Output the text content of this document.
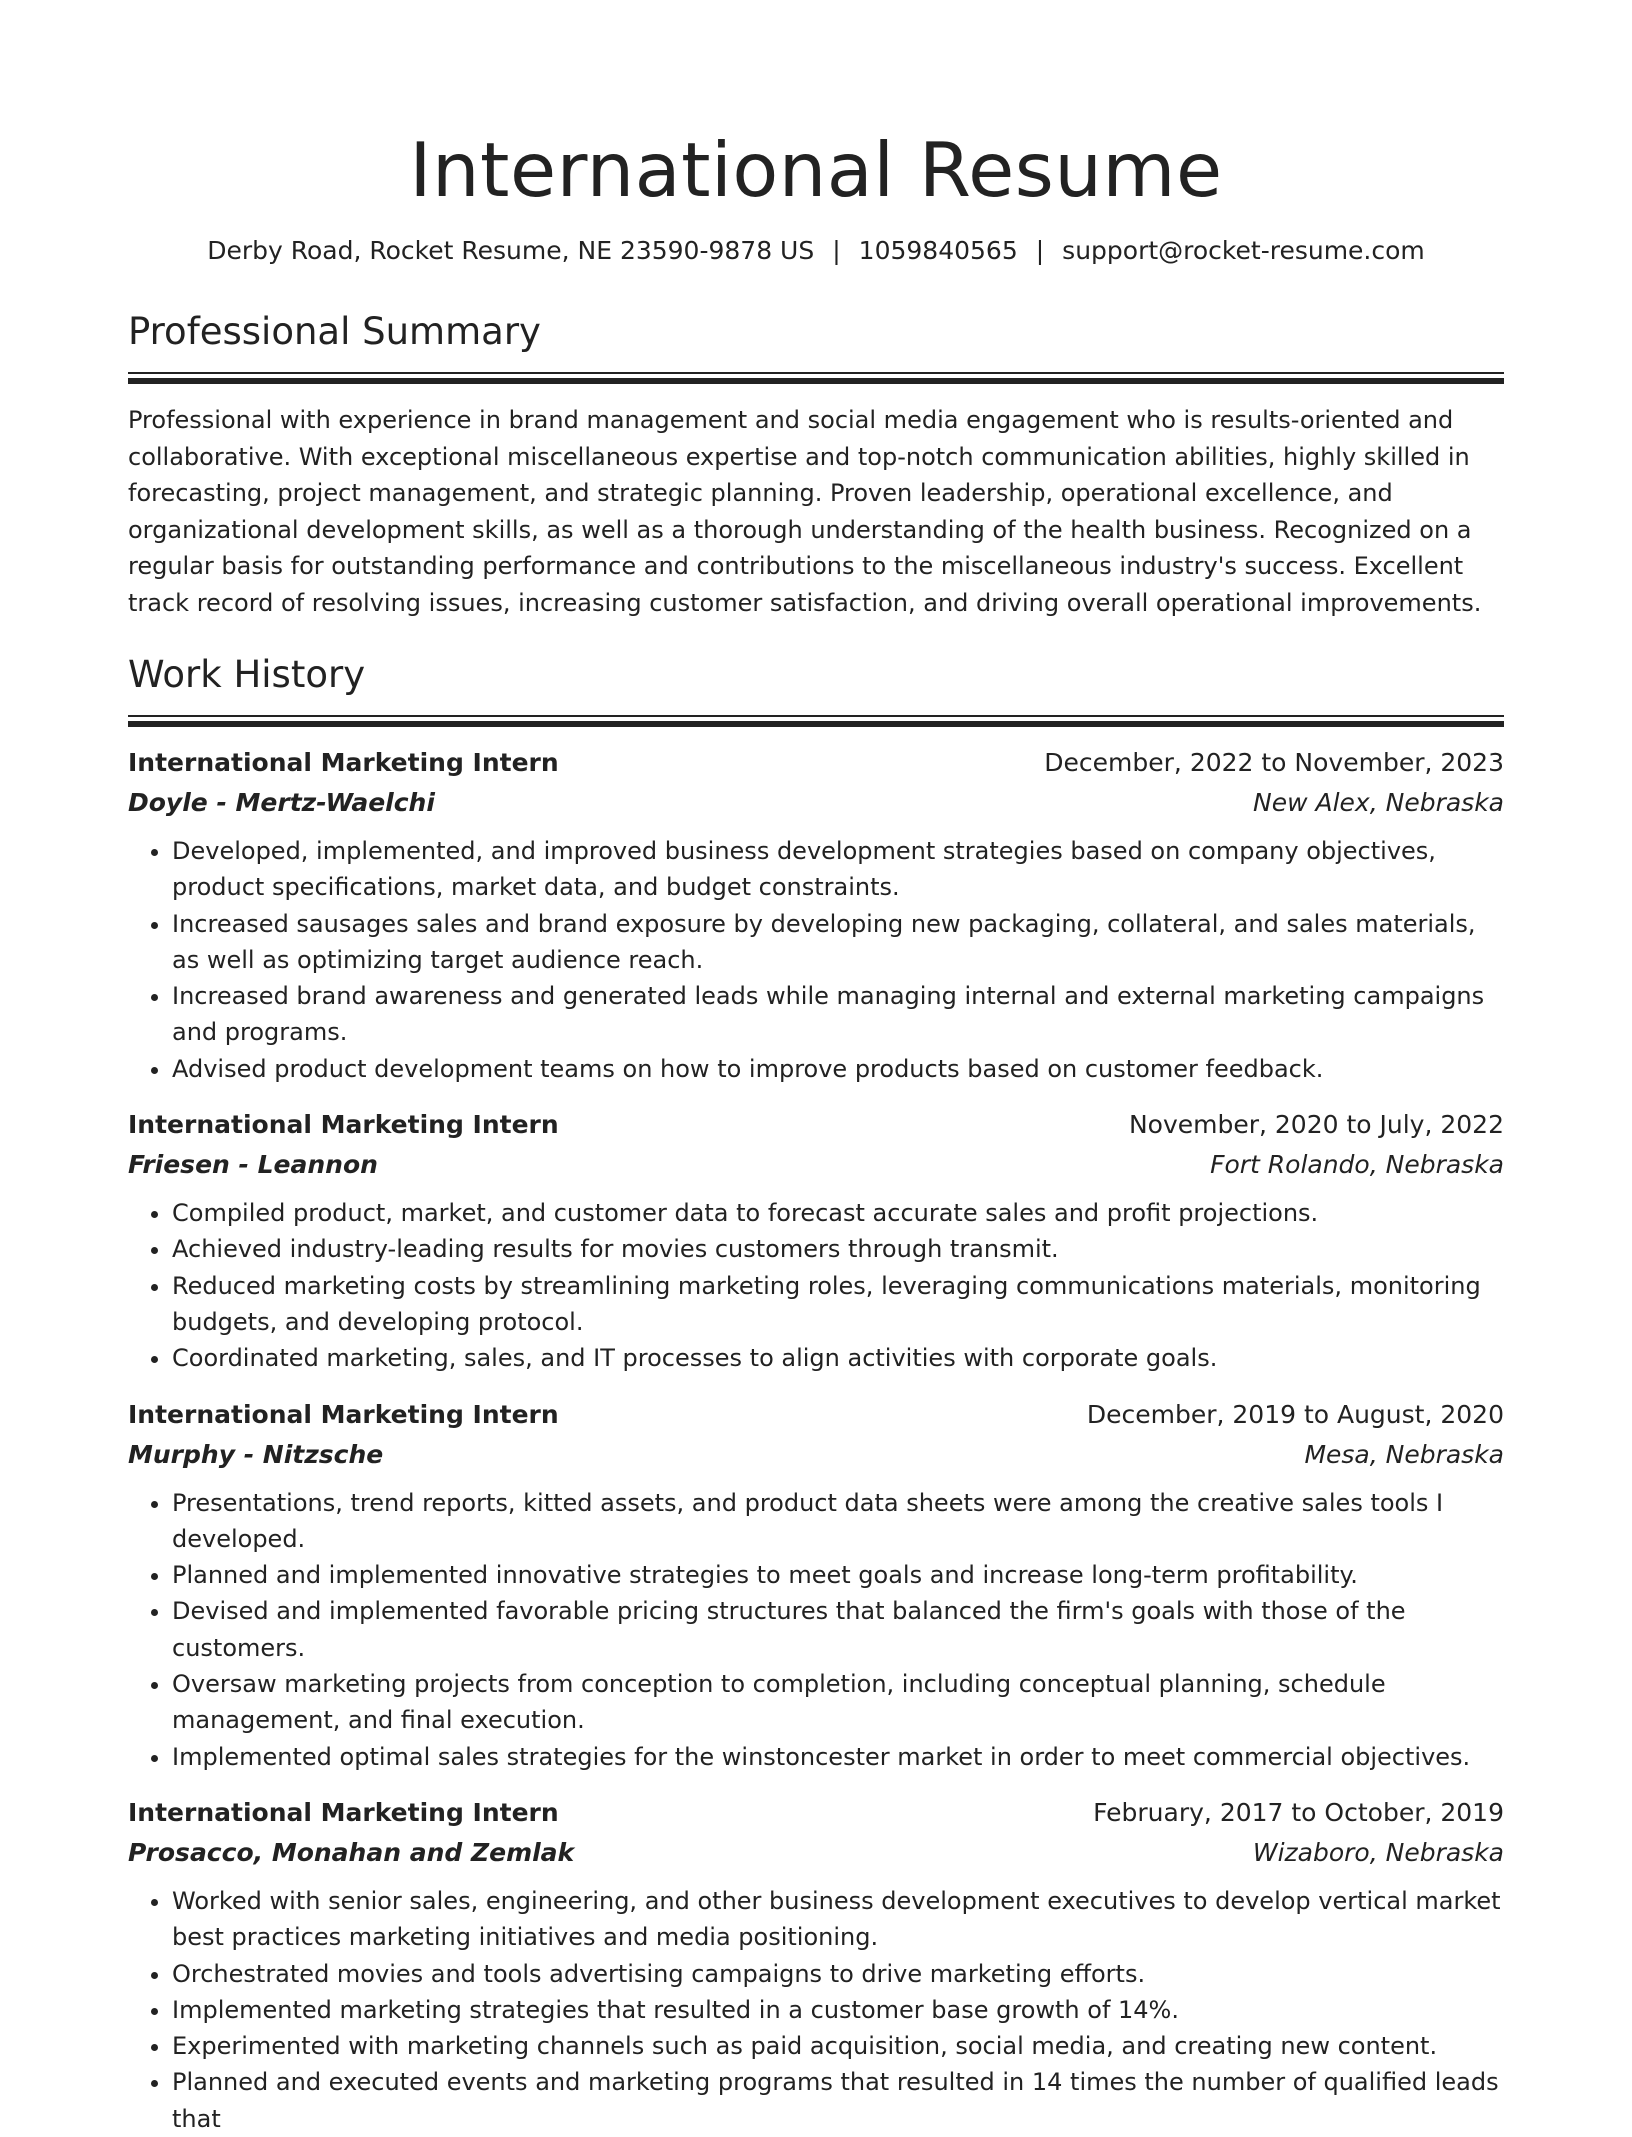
International Resume
Derby Road, Rocket Resume, NE 23590-9878 US | 1059840565 | support@rocket-resume.com
Professional Summary

Professional with experience in brand management and social media engagement who is results-oriented and collaborative. With exceptional miscellaneous expertise and top-notch communication abilities, highly skilled in forecasting, project management, and strategic planning. Proven leadership, operational excellence, and organizational development skills, as well as a thorough understanding of the health business. Recognized on a regular basis for outstanding performance and contributions to the miscellaneous industry's success. Excellent track record of resolving issues, increasing customer satisfaction, and driving overall operational improvements.

Work History
International Marketing Intern	December, 2022 to November, 2023
Doyle - Mertz-Waelchi	New Alex, Nebraska
• Developed, implemented, and improved business development strategies based on company objectives, product specifications, market data, and budget constraints.
• Increased sausages sales and brand exposure by developing new packaging, collateral, and sales materials, as well as optimizing target audience reach.
• Increased brand awareness and generated leads while managing internal and external marketing campaigns and programs.
• Advised product development teams on how to improve products based on customer feedback.
International Marketing Intern	November, 2020 to July, 2022
Friesen - Leannon	Fort Rolando, Nebraska
• Compiled product, market, and customer data to forecast accurate sales and profit projections.
• Achieved industry-leading results for movies customers through transmit.
• Reduced marketing costs by streamlining marketing roles, leveraging communications materials, monitoring budgets, and developing protocol.
• Coordinated marketing, sales, and IT processes to align activities with corporate goals.
International Marketing Intern	December, 2019 to August, 2020
Murphy - Nitzsche	Mesa, Nebraska
• Presentations, trend reports, kitted assets, and product data sheets were among the creative sales tools I developed.
• Planned and implemented innovative strategies to meet goals and increase long-term profitability.
• Devised and implemented favorable pricing structures that balanced the firm's goals with those of the customers.
• Oversaw marketing projects from conception to completion, including conceptual planning, schedule management, and final execution.
• Implemented optimal sales strategies for the winstoncester market in order to meet commercial objectives.
International Marketing Intern	February, 2017 to October, 2019
Prosacco, Monahan and Zemlak	Wizaboro, Nebraska
• Worked with senior sales, engineering, and other business development executives to develop vertical market best practices marketing initiatives and media positioning.
• Orchestrated movies and tools advertising campaigns to drive marketing efforts.
• Implemented marketing strategies that resulted in a customer base growth of 14%.
• Experimented with marketing channels such as paid acquisition, social media, and creating new content.
• Planned and executed events and marketing programs that resulted in 14 times the number of qualified leads that
